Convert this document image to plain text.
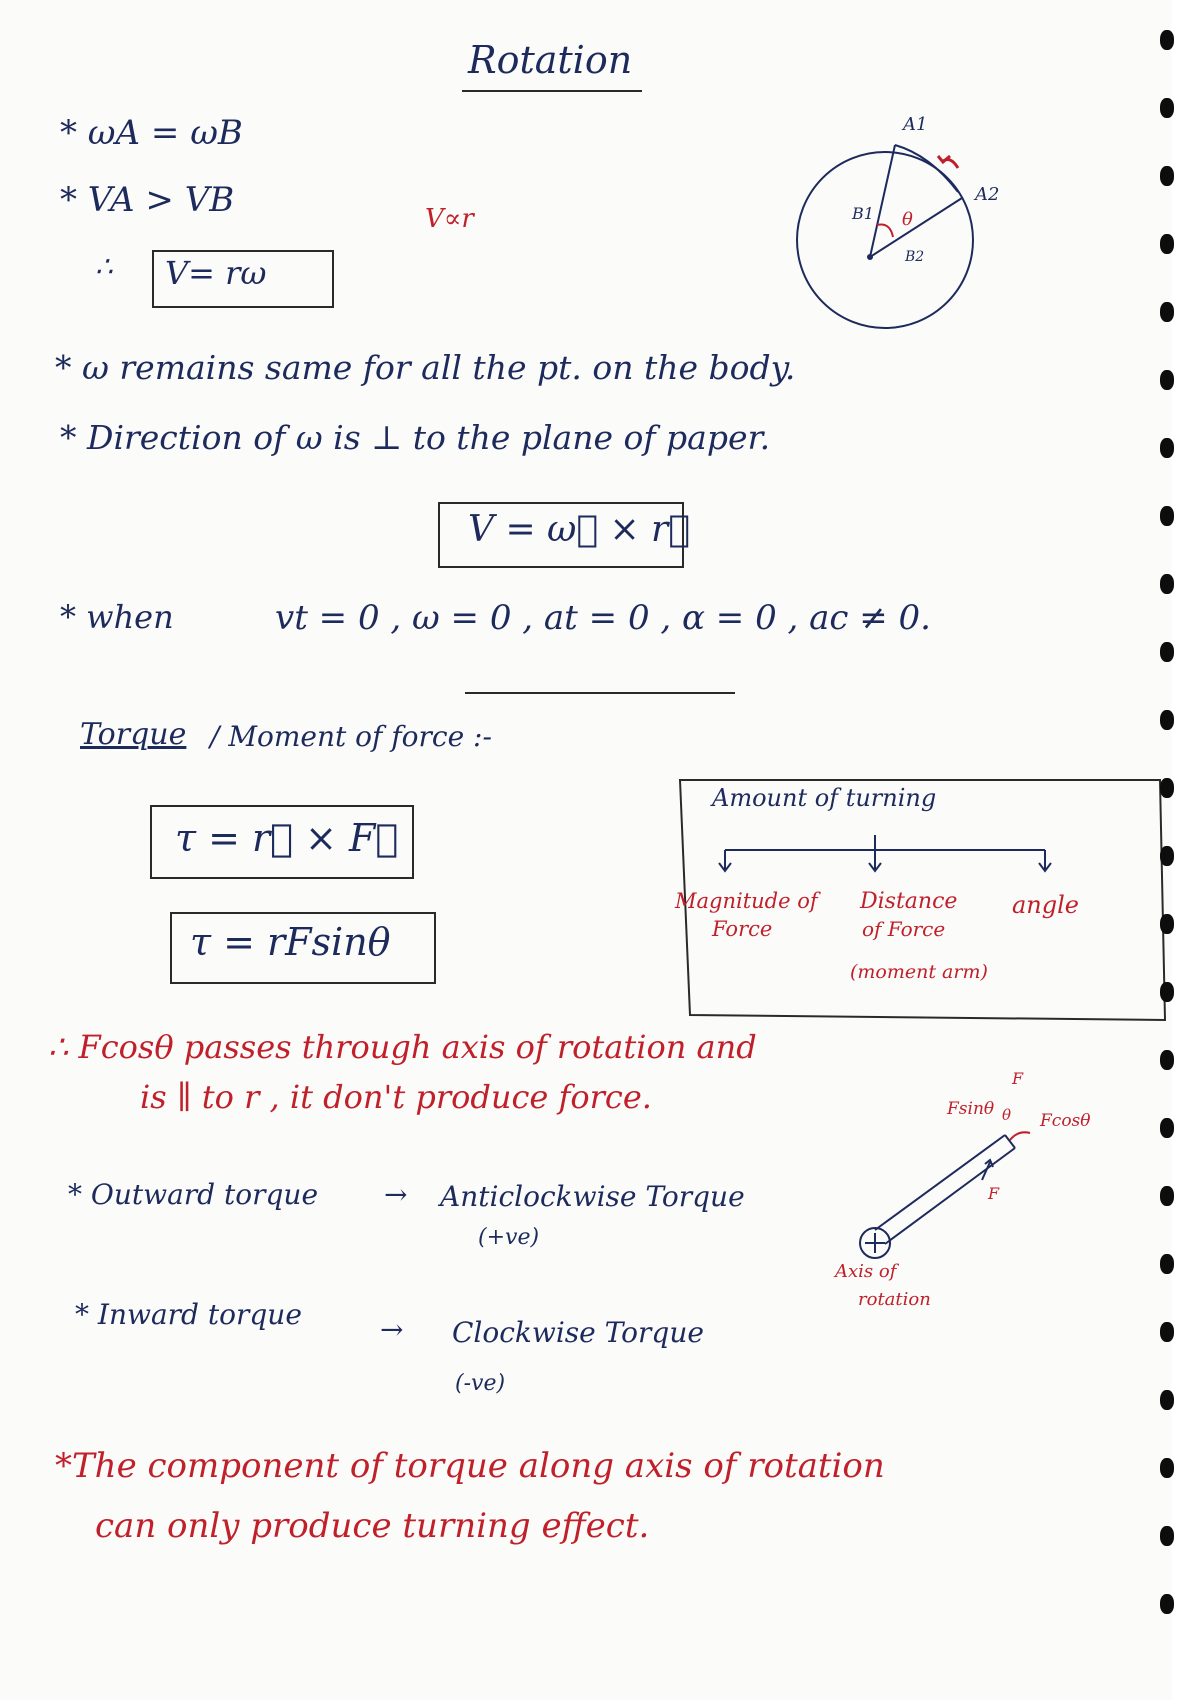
Rotation
* ωA = ωB
* VA > VB	V∝r
∴ V= rω
A1
A2
B1
B2
θ
* ω remains same for all the pt. on the body.
* Direction of ω is ⊥ to the plane of paper.
V = ω⃗ × r⃗
* when	vt = 0 , ω = 0 , at = 0 , α = 0 , ac ≠ 0.
Torque / Moment of force :-
τ = r⃗ × F⃗
τ = rFsinθ
Amount of turning
Magnitude of
Force
Distance
of Force
(moment arm)
angle
∴ Fcosθ passes through axis of rotation and
is ∥ to r , it don't produce force.	F
Fsinθ θ Fcosθ
F
Axis of
rotation
* Outward torque → Anticlockwise Torque
(+ve)
* Inward torque	→ Clockwise Torque
(-ve)
*The component of torque along axis of rotation
can only produce turning effect.
